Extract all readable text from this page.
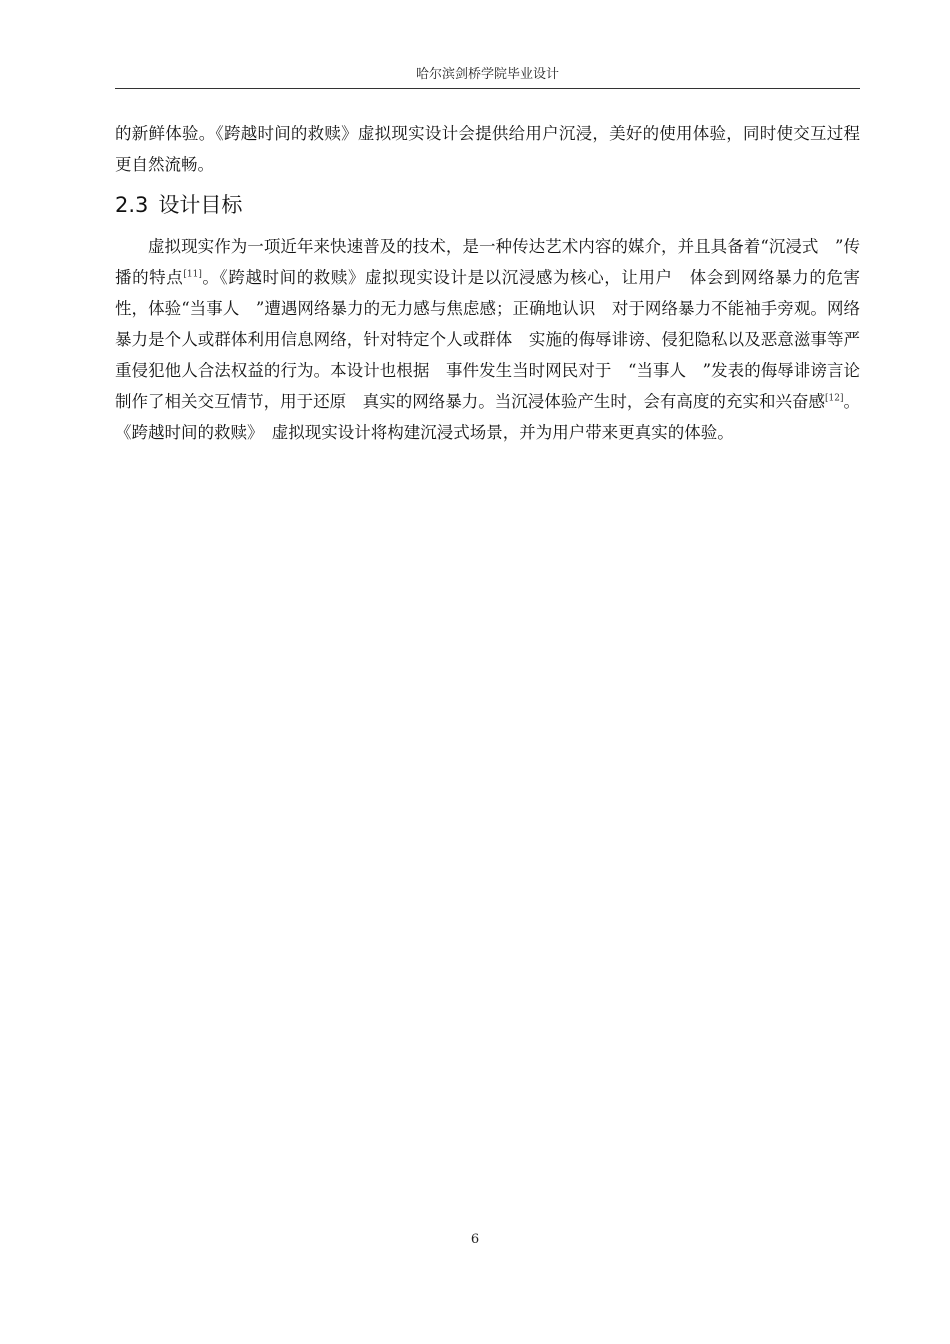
哈尔滨剑桥学院毕业设计

的新鲜体验。《跨越时间的救赎》虚拟现实设计会提供给用户沉浸，美好的使用体验，同时使交互过程更自然流畅。

2.3 设计目标

虚拟现实作为一项近年来快速普及的技术，是一种传达艺术内容的媒介，并且具备着“沉浸式　”传播的特点[11]。《跨越时间的救赎》虚拟现实设计是以沉浸感为核心，让用户　体会到网络暴力的危害性，体验“当事人　”遭遇网络暴力的无力感与焦虑感；正确地认识　对于网络暴力不能袖手旁观。网络暴力是个人或群体利用信息网络，针对特定个人或群体　实施的侮辱诽谤、侵犯隐私以及恶意滋事等严重侵犯他人合法权益的行为。本设计也根据　事件发生当时网民对于　“当事人　”发表的侮辱诽谤言论制作了相关交互情节，用于还原　真实的网络暴力。当沉浸体验产生时，会有高度的充实和兴奋感[12]。《跨越时间的救赎》　虚拟现实设计将构建沉浸式场景，并为用户带来更真实的体验。

6
